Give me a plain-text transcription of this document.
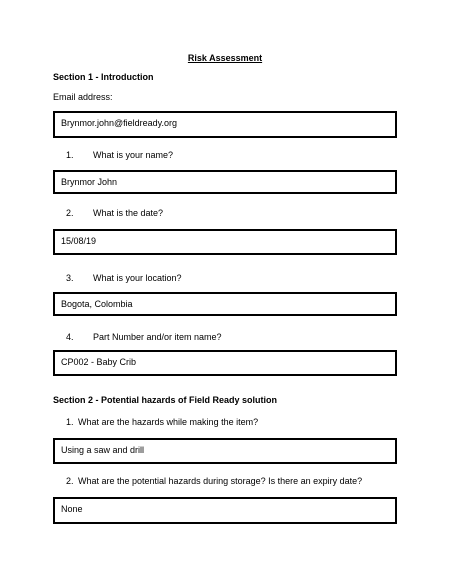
Risk Assessment
Section 1 - Introduction
Email address:
Brynmor.john@fieldready.org
1. What is your name?
Brynmor John
2. What is the date?
15/08/19
3. What is your location?
Bogota, Colombia
4. Part Number and/or item name?
CP002 - Baby Crib
Section 2 - Potential hazards of Field Ready solution
1. What are the hazards while making the item?
Using a saw and drill
2. What are the potential hazards during storage? Is there an expiry date?
None
